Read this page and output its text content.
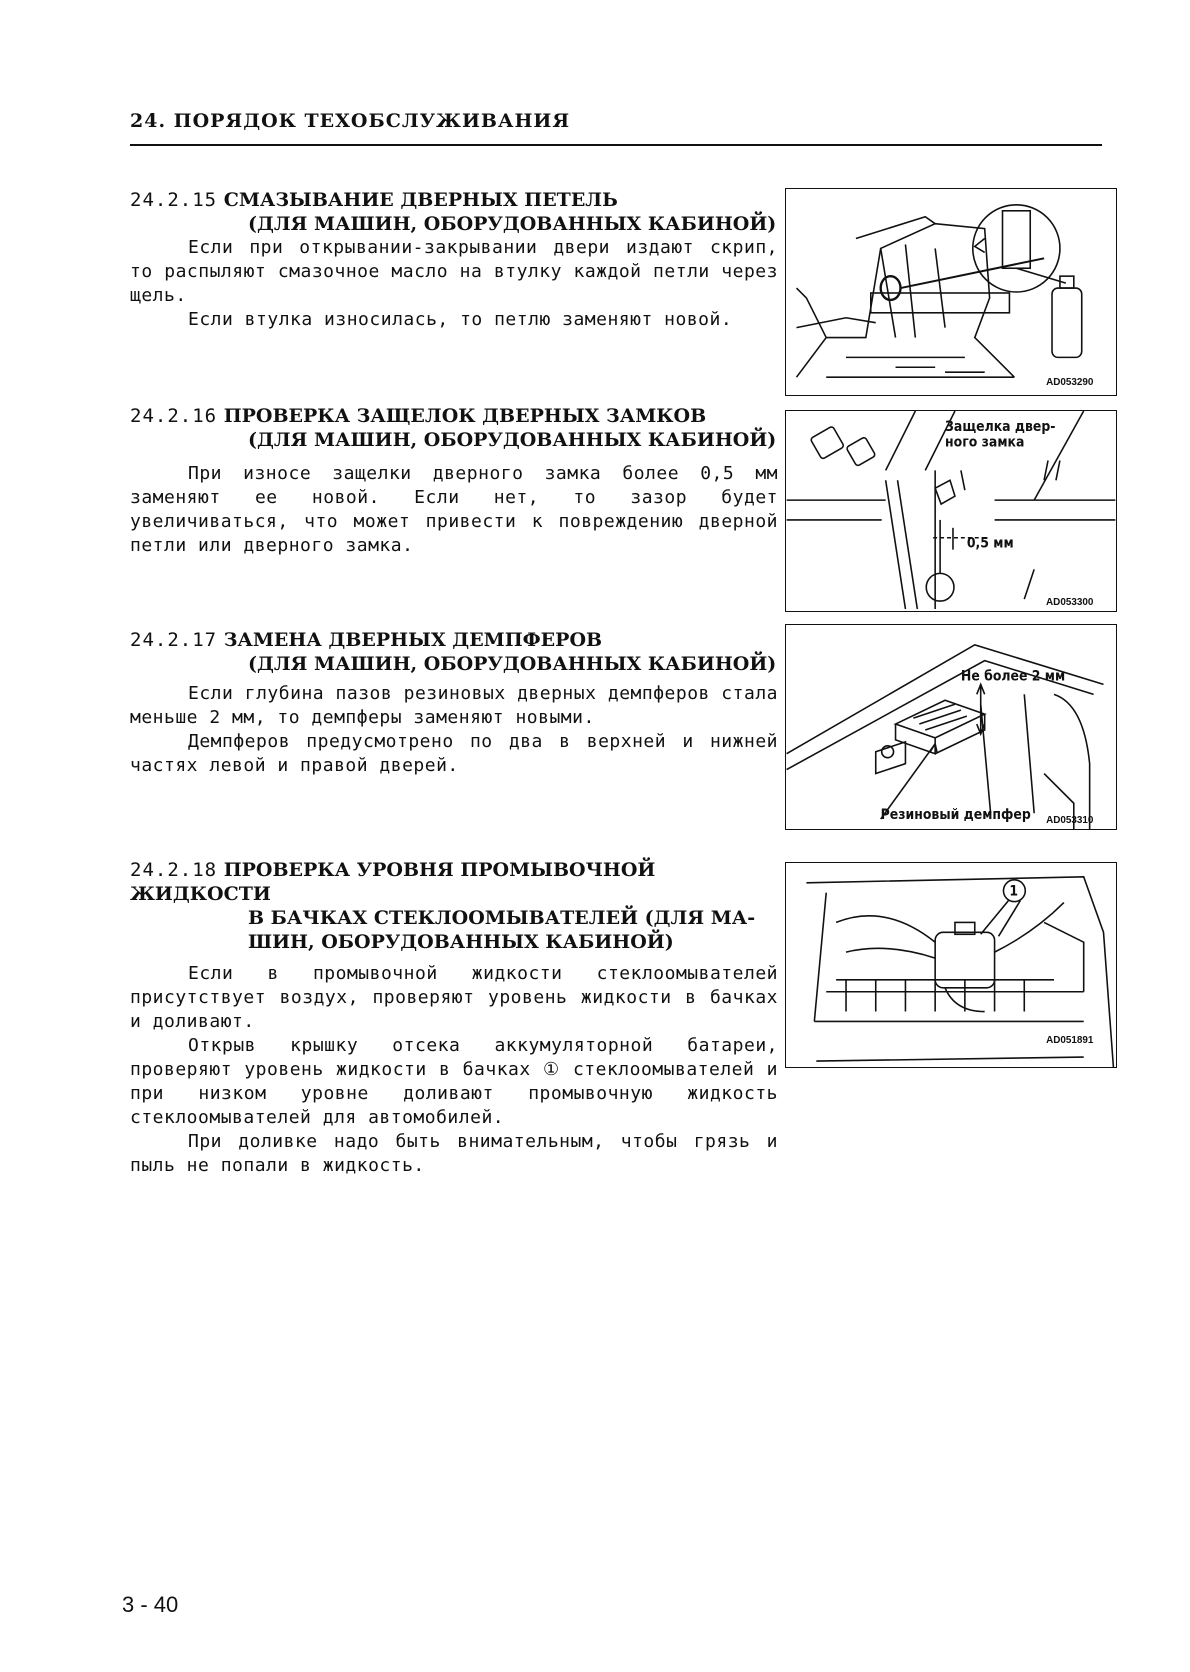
24. ПОРЯДОК ТЕХОБСЛУЖИВАНИЯ
24.2.15 СМАЗЫВАНИЕ ДВЕРНЫХ ПЕТЕЛЬ
(ДЛЯ МАШИН, ОБОРУДОВАННЫХ КАБИНОЙ)

Если при открывании-закрывании двери издают скрип, то распыляют смазочное масло на втулку каждой петли через щель.

Если втулка износилась, то петлю заменяют новой.

24.2.16 ПРОВЕРКА ЗАЩЕЛОК ДВЕРНЫХ ЗАМКОВ
(ДЛЯ МАШИН, ОБОРУДОВАННЫХ КАБИНОЙ)

При износе защелки дверного замка более 0,5 мм заменяют ее новой. Если нет, то зазор будет увеличиваться, что может привести к повреждению дверной петли или дверного замка.

24.2.17 ЗАМЕНА ДВЕРНЫХ ДЕМПФЕРОВ
(ДЛЯ МАШИН, ОБОРУДОВАННЫХ КАБИНОЙ)

Если глубина пазов резиновых дверных демпферов стала меньше 2 мм, то демпферы заменяют новыми.

Демпферов предусмотрено по два в верхней и нижней частях левой и правой дверей.

24.2.18 ПРОВЕРКА УРОВНЯ ПРОМЫВОЧНОЙ ЖИДКОСТИ
В БАЧКАХ СТЕКЛООМЫВАТЕЛЕЙ (ДЛЯ МА-
ШИН, ОБОРУДОВАННЫХ КАБИНОЙ)

Если в промывочной жидкости стеклоомывателей присутствует воздух, проверяют уровень жидкости в бачках и доливают.

Открыв крышку отсека аккумуляторной батареи, проверяют уровень жидкости в бачках ① стеклоомывателей и при низком уровне доливают промывочную жидкость стеклоомывателей для автомобилей.

При доливке надо быть внимательным, чтобы грязь и пыль не попали в жидкость.

AD053290
Защелка двер-
ного замка
0,5 мм
AD053300
Не более 2 мм
Резиновый демпфер AD053310
1
AD051891
3 - 40
